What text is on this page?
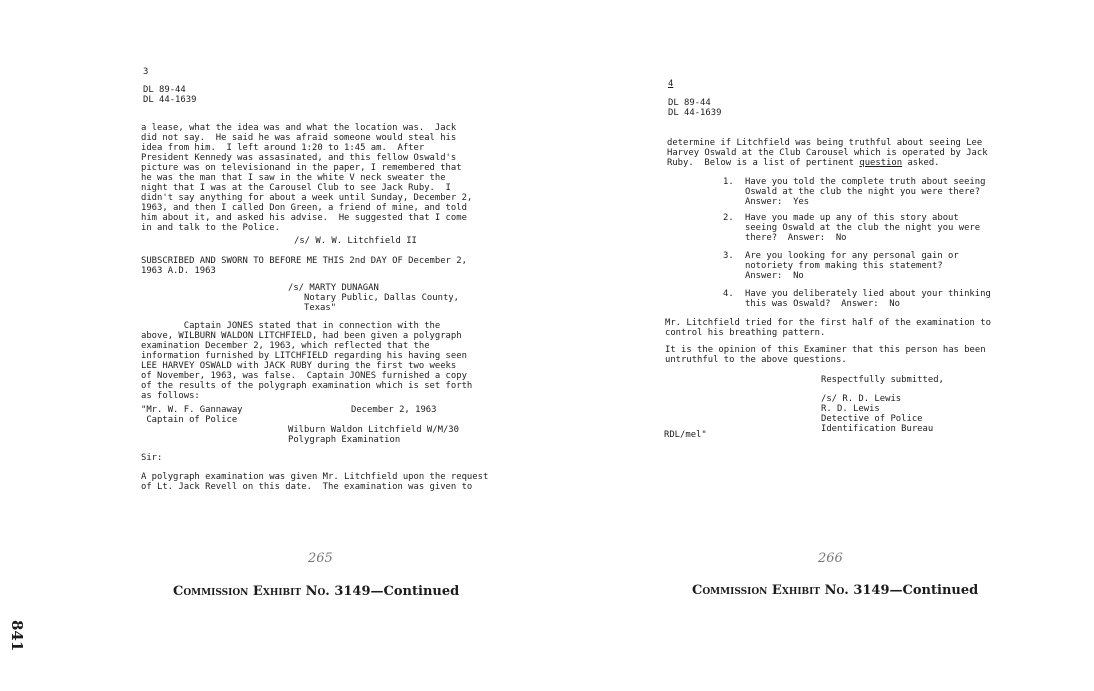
3
DL 89-44
DL 44-1639
a lease, what the idea was and what the location was.  Jack
did not say.  He said he was afraid someone would steal his
idea from him.  I left around 1:20 to 1:45 am.  After
President Kennedy was assasinated, and this fellow Oswald's
picture was on televisionand in the paper, I remembered that
he was the man that I saw in the white V neck sweater the
night that I was at the Carousel Club to see Jack Ruby.  I
didn't say anything for about a week until Sunday, December 2,
1963, and then I called Don Green, a friend of mine, and told
him about it, and asked his advise.  He suggested that I come
in and talk to the Police.
/s/ W. W. Litchfield II
SUBSCRIBED AND SWORN TO BEFORE ME THIS 2nd DAY OF December 2,
1963 A.D. 1963
/s/ MARTY DUNAGAN
Notary Public, Dallas County,
Texas"
Captain JONES stated that in connection with the
above, WILBURN WALDON LITCHFIELD, had been given a polygraph
examination December 2, 1963, which reflected that the
information furnished by LITCHFIELD regarding his having seen
LEE HARVEY OSWALD with JACK RUBY during the first two weeks
of November, 1963, was false.  Captain JONES furnished a copy
of the results of the polygraph examination which is set forth
as follows:
"Mr. W. F. Gannaway
Captain of Police
December 2, 1963
Wilburn Waldon Litchfield W/M/30
Polygraph Examination
Sir:
A polygraph examination was given Mr. Litchfield upon the request
of Lt. Jack Revell on this date.  The examination was given to
265
Commission Exhibit No. 3149—Continued
4
DL 89-44
DL 44-1639
determine if Litchfield was being truthful about seeing Lee
Harvey Oswald at the Club Carousel which is operated by Jack
Ruby.  Below is a list of pertinent question asked.
1. Have you told the complete truth about seeing
Oswald at the club the night you were there?
Answer:  Yes
2. Have you made up any of this story about
seeing Oswald at the club the night you were
there?  Answer:  No
3. Are you looking for any personal gain or
notoriety from making this statement?
Answer:  No
4. Have you deliberately lied about your thinking
this was Oswald?  Answer:  No
Mr. Litchfield tried for the first half of the examination to
control his breathing pattern.
It is the opinion of this Examiner that this person has been
untruthful to the above questions.
Respectfully submitted,
/s/ R. D. Lewis
R. D. Lewis
Detective of Police
Identification Bureau
RDL/mel"
266
Commission Exhibit No. 3149—Continued
841
